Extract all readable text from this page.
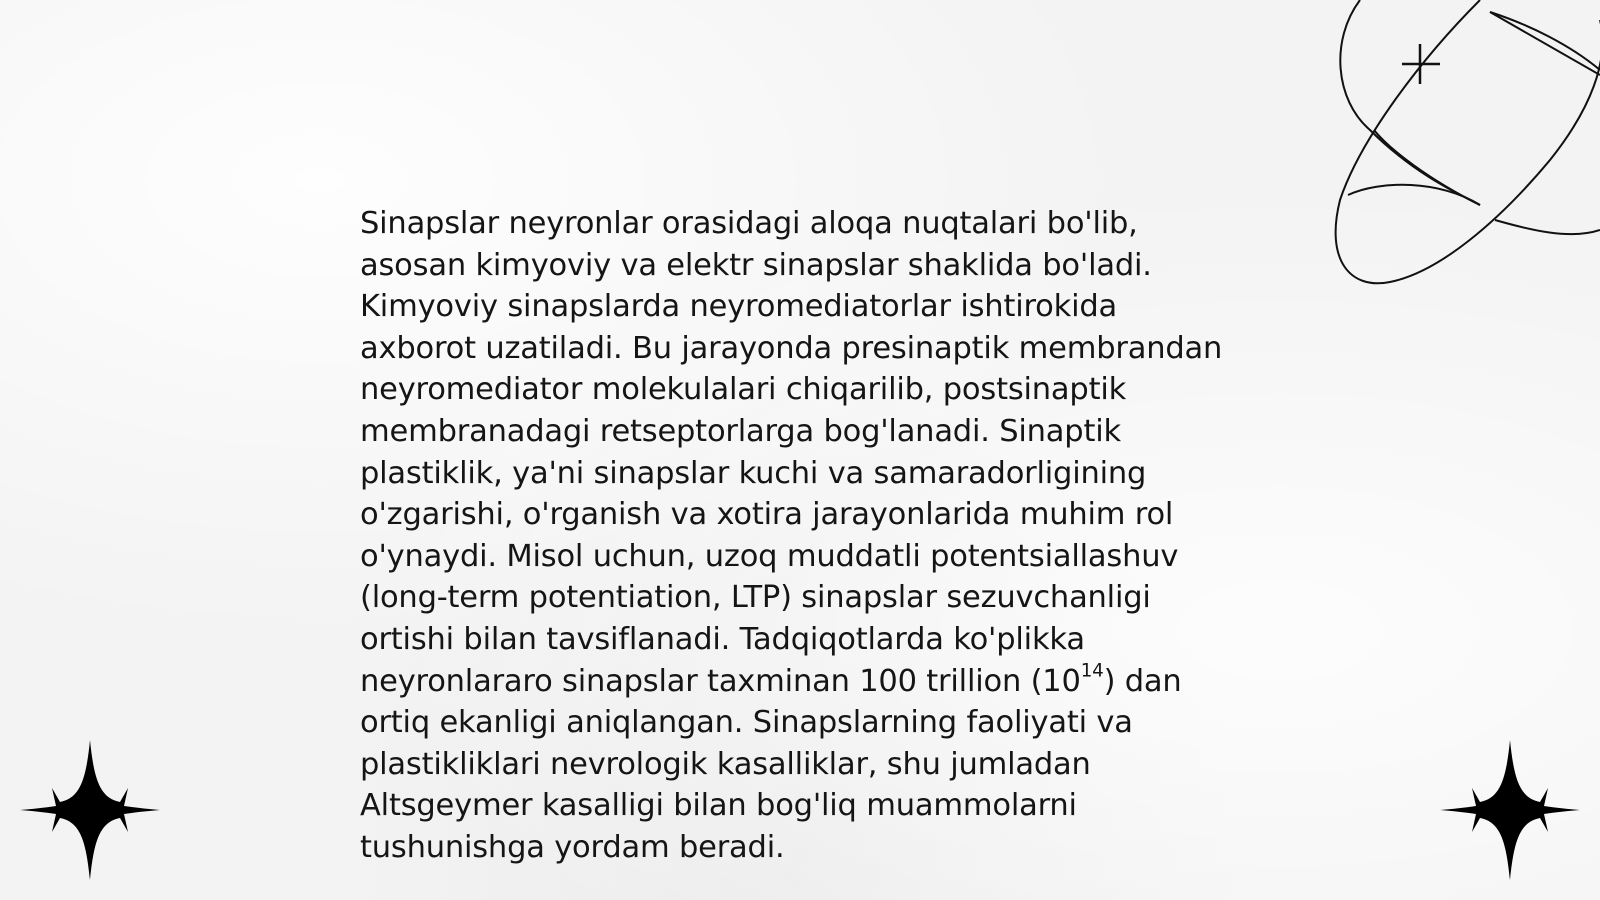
Sinapslar neyronlar orasidagi aloqa nuqtalari bo'lib, asosan kimyoviy va elektr sinapslar shaklida bo'ladi. Kimyoviy sinapslarda neyromediatorlar ishtirokida axborot uzatiladi. Bu jarayonda presinaptik membrandan neyromediator molekulalari chiqarilib, postsinaptik membranadagi retseptorlarga bog'lanadi. Sinaptik plastiklik, ya'ni sinapslar kuchi va samaradorligining o'zgarishi, o'rganish va xotira jarayonlarida muhim rol o'ynaydi. Misol uchun, uzoq muddatli potentsiallashuv (long-term potentiation, LTP) sinapslar sezuvchanligi ortishi bilan tavsiflanadi. Tadqiqotlarda ko'plikka neyronlararo sinapslar taxminan 100 trillion $(10^{14})$ dan ortiq ekanligi aniqlangan. Sinapslarning faoliyati va plastikliklari nevrologik kasalliklar, shu jumladan Altsgeymer kasalligi bilan bog'liq muammolarni tushunishga yordam beradi.
